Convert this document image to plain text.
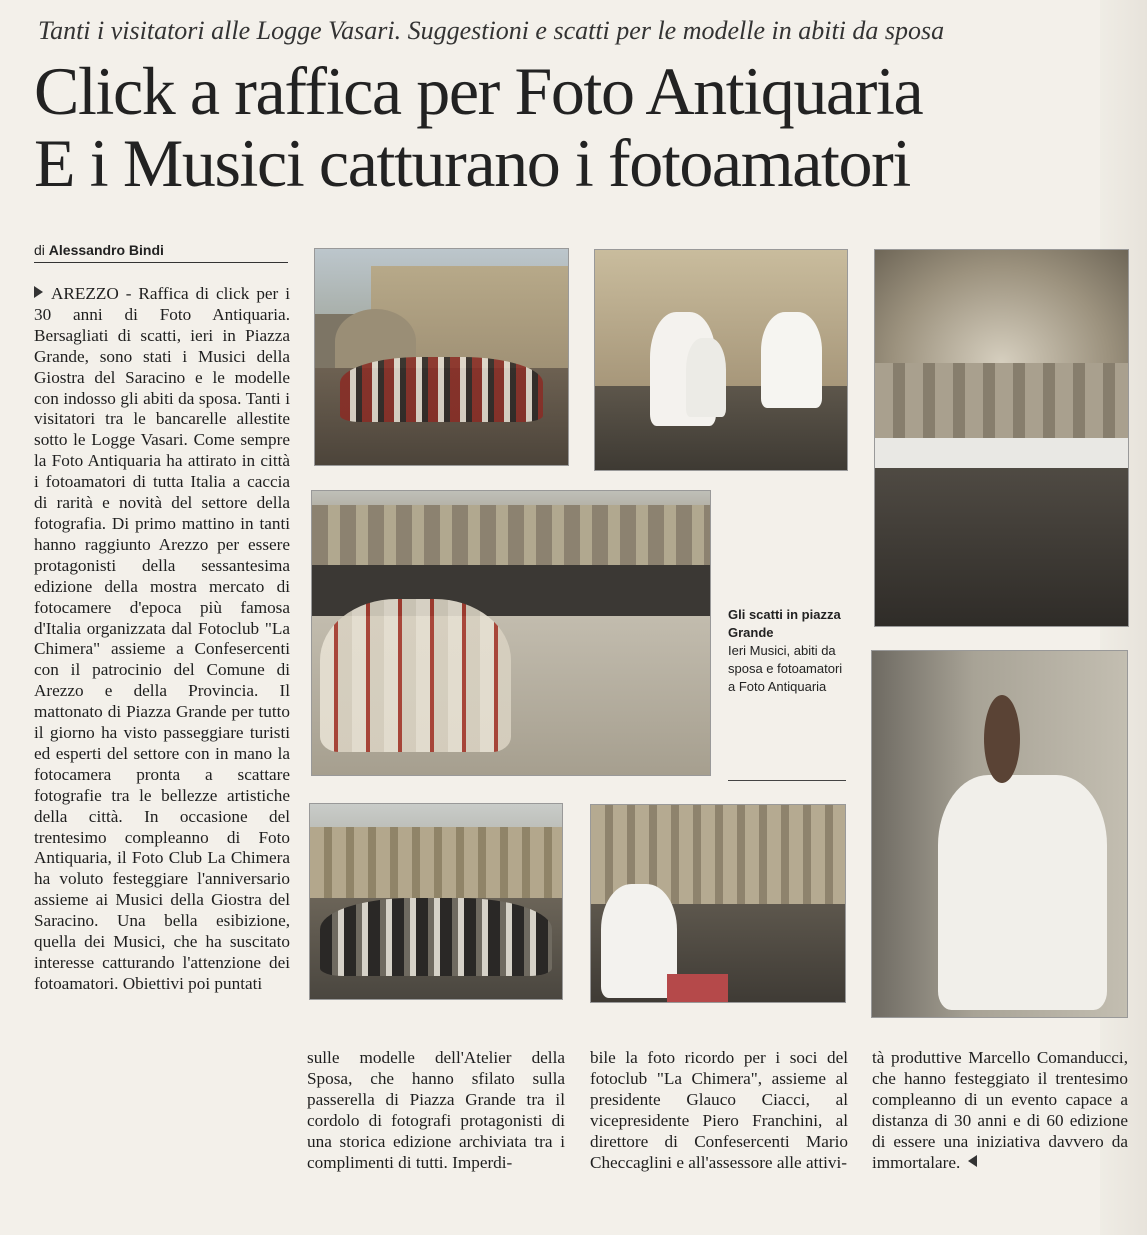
Tanti i visitatori alle Logge Vasari. Suggestioni e scatti per le modelle in abiti da sposa
Click a raffica per Foto Antiquaria
E i Musici catturano i fotoamatori
di Alessandro Bindi
AREZZO - Raffica di click per i 30 anni di Foto Antiquaria. Bersagliati di scatti, ieri in Piazza Grande, sono stati i Musici della Giostra del Saracino e le modelle con indosso gli abiti da sposa. Tanti i visitatori tra le bancarelle allestite sotto le Logge Vasari. Come sempre la Foto Antiquaria ha attirato in città i fotoamatori di tutta Italia a caccia di rarità e novità del settore della fotografia. Di primo mattino in tanti hanno raggiunto Arezzo per essere protagonisti della sessantesima edizione della mostra mercato di fotocamere d'epoca più famosa d'Italia organizzata dal Fotoclub "La Chimera" assieme a Confesercenti con il patrocinio del Comune di Arezzo e della Provincia. Il mattonato di Piazza Grande per tutto il giorno ha visto passeggiare turisti ed esperti del settore con in mano la fotocamera pronta a scattare fotografie tra le bellezze artistiche della città. In occasione del trentesimo compleanno di Foto Antiquaria, il Foto Club La Chimera ha voluto festeggiare l'anniversario assieme ai Musici della Giostra del Saracino. Una bella esibizione, quella dei Musici, che ha suscitato interesse catturando l'attenzione dei fotoamatori. Obiettivi poi puntati
Gli scatti in piazza Grande
Ieri Musici, abiti da sposa e fotoamatori a Foto Antiquaria
sulle modelle dell'Atelier della Sposa, che hanno sfilato sulla passerella di Piazza Grande tra il cordolo di fotografi protagonisti di una storica edizione archiviata tra i complimenti di tutti. Imperdi-
bile la foto ricordo per i soci del fotoclub "La Chimera", assieme al presidente Glauco Ciacci, al vicepresidente Piero Franchini, al direttore di Confesercenti Mario Checcaglini e all'assessore alle attivi-
tà produttive Marcello Comanducci, che hanno festeggiato il trentesimo compleanno di un evento capace a distanza di 30 anni e di 60 edizione di essere una iniziativa davvero da immortalare.
